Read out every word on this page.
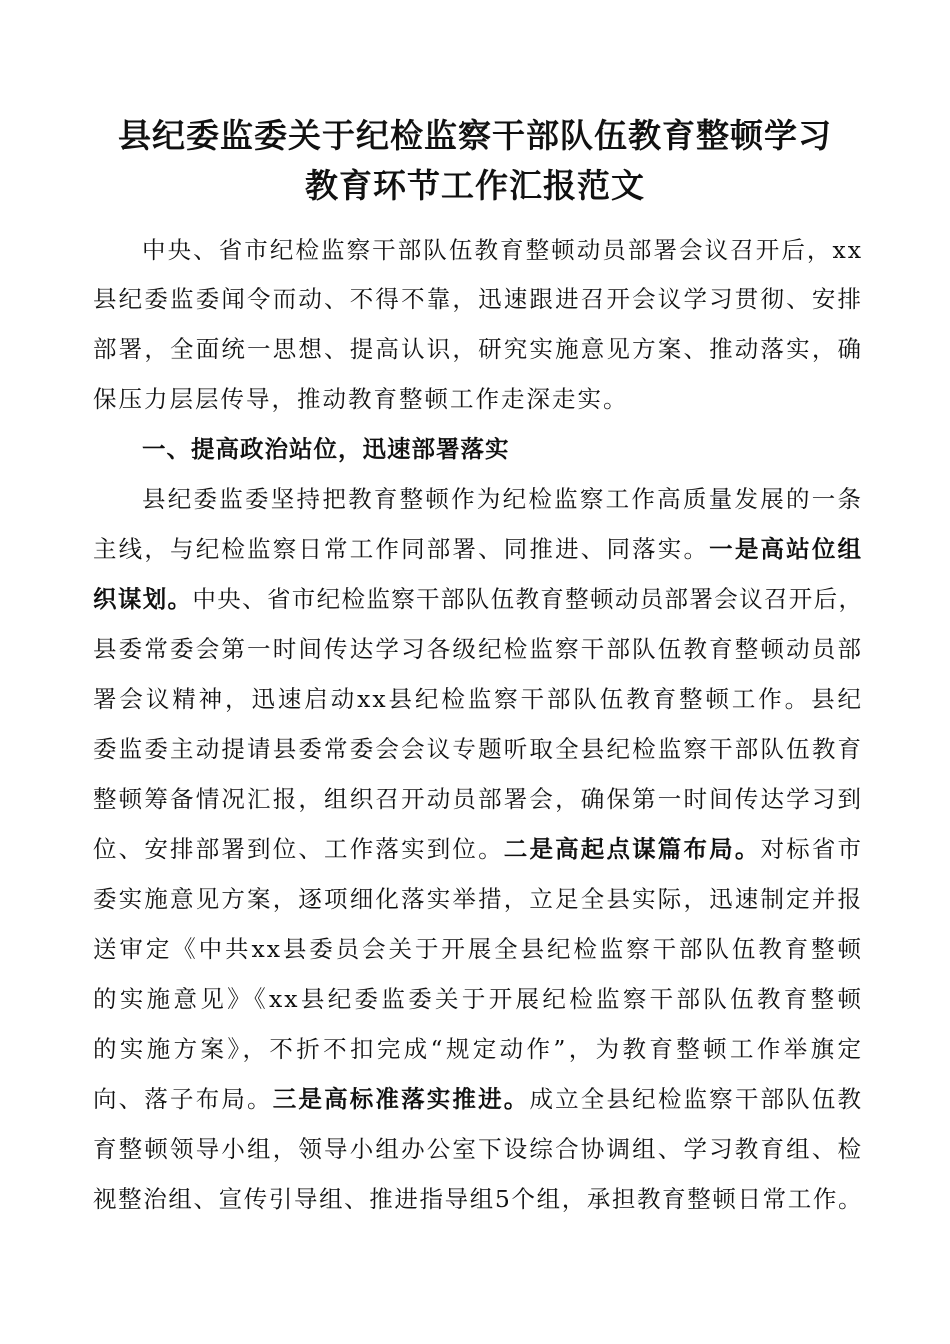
县纪委监委关于纪检监察干部队伍教育整顿学习
教育环节工作汇报范文
中央、省市纪检监察干部队伍教育整顿动员部署会议召开后，xx
县纪委监委闻令而动、不得不靠，迅速跟进召开会议学习贯彻、安排
部署，全面统一思想、提高认识，研究实施意见方案、推动落实，确
保压力层层传导，推动教育整顿工作走深走实。
一、提高政治站位，迅速部署落实
县纪委监委坚持把教育整顿作为纪检监察工作高质量发展的一条
主线，与纪检监察日常工作同部署、同推进、同落实。一是高站位组
织谋划。中央、省市纪检监察干部队伍教育整顿动员部署会议召开后，
县委常委会第一时间传达学习各级纪检监察干部队伍教育整顿动员部
署会议精神，迅速启动xx县纪检监察干部队伍教育整顿工作。县纪
委监委主动提请县委常委会会议专题听取全县纪检监察干部队伍教育
整顿筹备情况汇报，组织召开动员部署会，确保第一时间传达学习到
位、安排部署到位、工作落实到位。二是高起点谋篇布局。对标省市
委实施意见方案，逐项细化落实举措，立足全县实际，迅速制定并报
送审定《中共xx县委员会关于开展全县纪检监察干部队伍教育整顿
的实施意见》《xx县纪委监委关于开展纪检监察干部队伍教育整顿
的实施方案》，不折不扣完成“规定动作”，为教育整顿工作举旗定
向、落子布局。三是高标准落实推进。成立全县纪检监察干部队伍教
育整顿领导小组，领导小组办公室下设综合协调组、学习教育组、检
视整治组、宣传引导组、推进指导组5个组，承担教育整顿日常工作。
